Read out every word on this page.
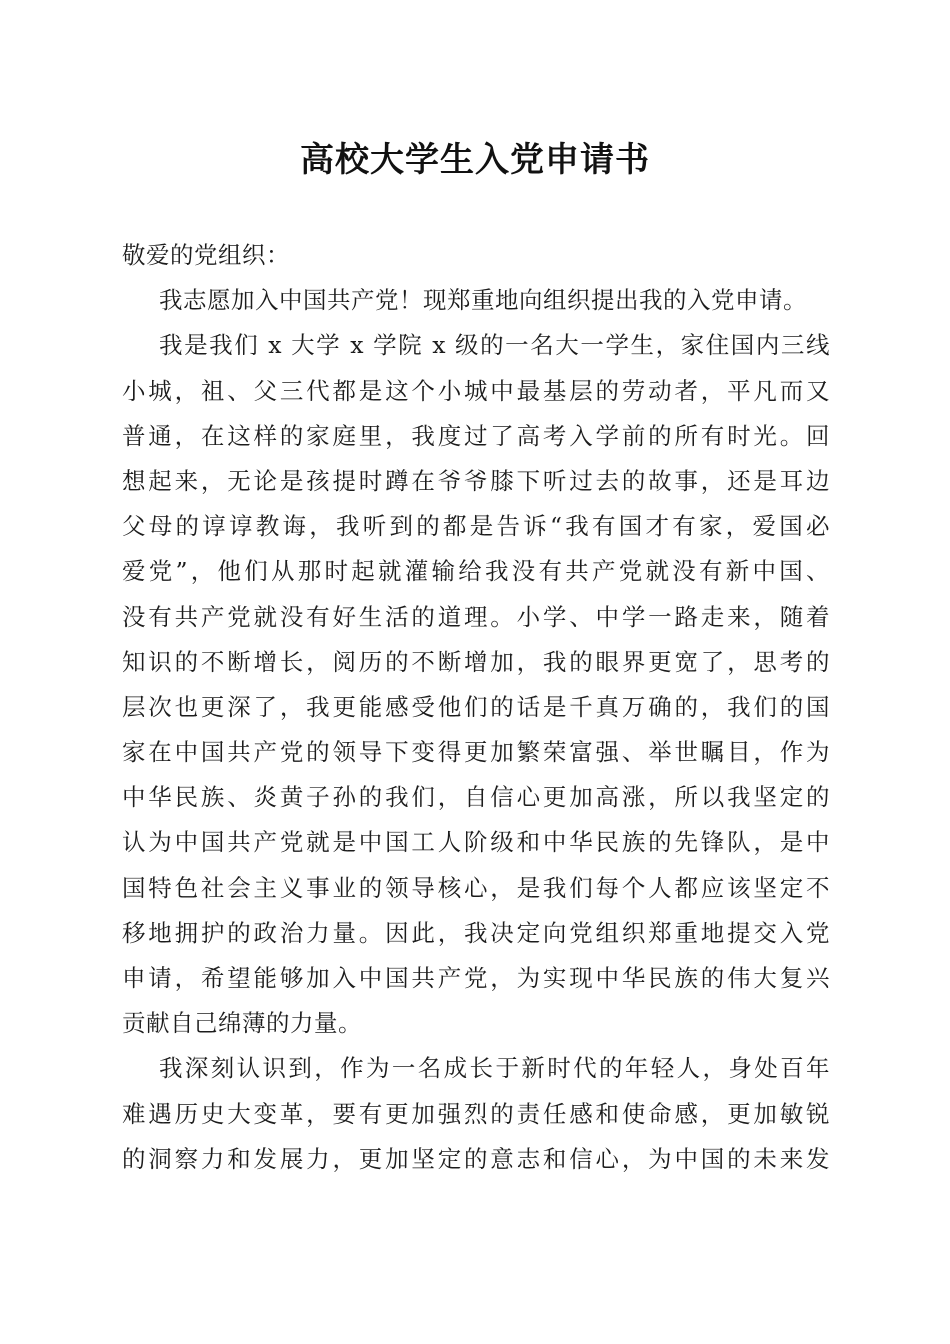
高校大学生入党申请书
敬爱的党组织：
我志愿加入中国共产党！现郑重地向组织提出我的入党申请。
我是我们 x 大学 x 学院 x 级的一名大一学生，家住国内三线
小城，祖、父三代都是这个小城中最基层的劳动者，平凡而又
普通，在这样的家庭里，我度过了高考入学前的所有时光。回
想起来，无论是孩提时蹲在爷爷膝下听过去的故事，还是耳边
父母的谆谆教诲，我听到的都是告诉“我有国才有家，爱国必
爱党”，他们从那时起就灌输给我没有共产党就没有新中国、
没有共产党就没有好生活的道理。小学、中学一路走来，随着
知识的不断增长，阅历的不断增加，我的眼界更宽了，思考的
层次也更深了，我更能感受他们的话是千真万确的，我们的国
家在中国共产党的领导下变得更加繁荣富强、举世瞩目，作为
中华民族、炎黄子孙的我们，自信心更加高涨，所以我坚定的
认为中国共产党就是中国工人阶级和中华民族的先锋队，是中
国特色社会主义事业的领导核心，是我们每个人都应该坚定不
移地拥护的政治力量。因此，我决定向党组织郑重地提交入党
申请，希望能够加入中国共产党，为实现中华民族的伟大复兴
贡献自己绵薄的力量。
我深刻认识到，作为一名成长于新时代的年轻人，身处百年
难遇历史大变革，要有更加强烈的责任感和使命感，更加敏锐
的洞察力和发展力，更加坚定的意志和信心，为中国的未来发
